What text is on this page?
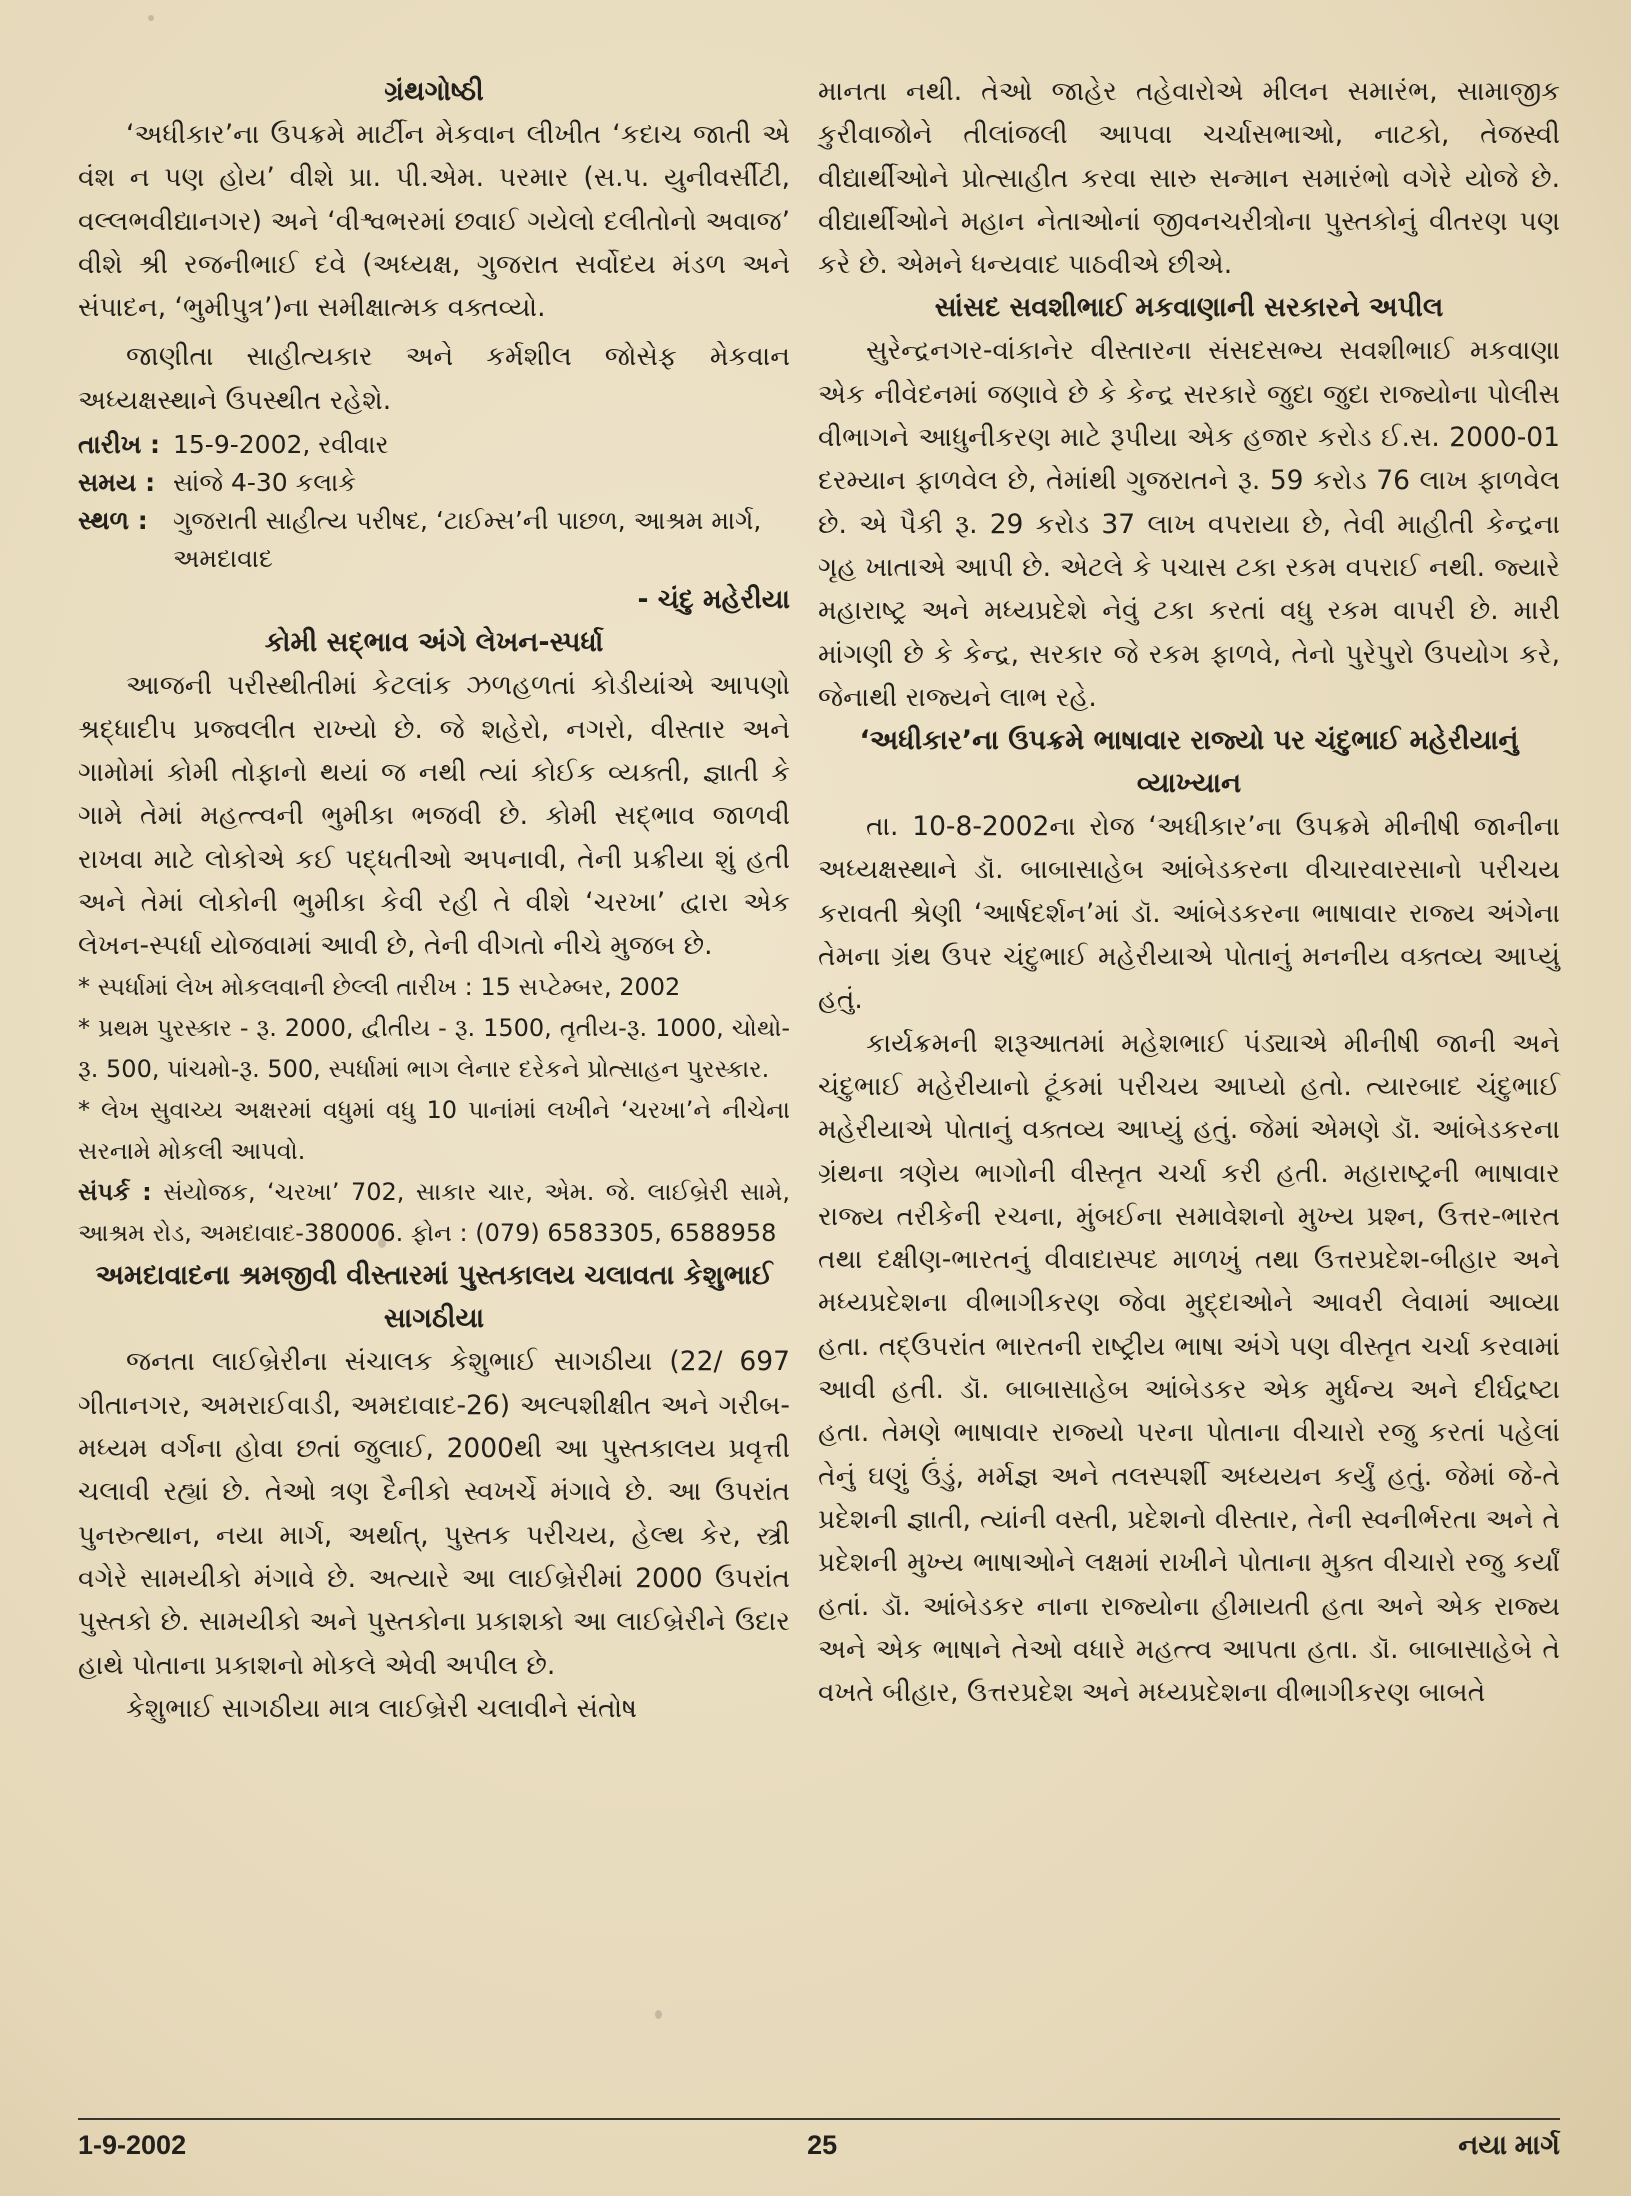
ગ્રંથગોષ્ઠી

‘અધીકાર’ના ઉપક્રમે માર્ટીન મેકવાન લીખીત ‘કદાચ જાતી એ વંશ ન પણ હોય’ વીશે પ્રા. પી.એમ. પરમાર (સ.પ. યુનીવર્સીટી, વલ્લભવીદ્યાનગર) અને ‘વીશ્વભરમાં છવાઈ ગયેલો દલીતોનો અવાજ’ વીશે શ્રી રજનીભાઈ દવે (અધ્યક્ષ, ગુજરાત સર્વોદય મંડળ અને સંપાદન, ‘ભુમીપુત્ર’)ના સમીક્ષાત્મક વક્તવ્યો.

જાણીતા સાહીત્યકાર અને કર્મશીલ જોસેફ મેકવાન અધ્યક્ષસ્થાને ઉપસ્થીત રહેશે.

તારીખ : 15-9-2002, રવીવાર
સમય : સાંજે 4-30 કલાકે
સ્થળ :	ગુજરાતી સાહીત્ય પરીષદ, ‘ટાઈમ્સ’ની પાછળ, આશ્રમ માર્ગ, અમદાવાદ

- ચંદુ મહેરીયા

કોમી સદ્‌ભાવ અંગે લેખન-સ્પર્ધા

આજની પરીસ્થીતીમાં કેટલાંક ઝળહળતાં કોડીયાંએ આપણો શ્રદ્ધાદીપ પ્રજ્વલીત રાખ્યો છે. જે શહેરો, નગરો, વીસ્તાર અને ગામોમાં કોમી તોફાનો થયાં જ નથી ત્યાં કોઈક વ્યક્તી, જ્ઞાતી કે ગામે તેમાં મહત્ત્વની ભુમીકા ભજવી છે. કોમી સદ્‌ભાવ જાળવી રાખવા માટે લોકોએ કઈ પદ્ધતીઓ અપનાવી, તેની પ્રક્રીયા શું હતી અને તેમાં લોકોની ભુમીકા કેવી રહી તે વીશે ‘ચરખા’ દ્વારા એક લેખન-સ્પર્ધા યોજવામાં આવી છે, તેની વીગતો નીચે મુજબ છે.

* સ્પર્ધામાં લેખ મોકલવાની છેલ્લી તારીખ : 15 સપ્ટેમ્બર, 2002

* પ્રથમ પુરસ્કાર - રૂ. 2000, દ્વીતીય - રૂ. 1500, તૃતીય-રૂ. 1000, ચોથો-રૂ. 500, પાંચમો-રૂ. 500, સ્પર્ધામાં ભાગ લેનાર દરેકને પ્રોત્સાહન પુરસ્કાર.

* લેખ સુવાચ્ય અક્ષરમાં વધુમાં વધુ 10 પાનાંમાં લખીને ‘ચરખા’ને નીચેના સરનામે મોકલી આપવો.

સંપર્ક : સંયોજક, ‘ચરખા’ 702, સાકાર ચાર, એમ. જે. લાઈબ્રેરી સામે, આશ્રમ રોડ, અમદાવાદ-380006. ફોન : (079) 6583305, 6588958

અમદાવાદના શ્રમજીવી વીસ્તારમાં પુસ્તકાલય ચલાવતા કેશુભાઈ સાગઠીયા

જનતા લાઈબ્રેરીના સંચાલક કેશુભાઈ સાગઠીયા (22/ 697 ગીતાનગર, અમરાઈવાડી, અમદાવાદ-26) અલ્પશીક્ષીત અને ગરીબ-મધ્યમ વર્ગના હોવા છતાં જુલાઈ, 2000થી આ પુસ્તકાલય પ્રવૃત્તી ચલાવી રહ્યાં છે. તેઓ ત્રણ દૈનીકો સ્વખર્ચે મંગાવે છે. આ ઉપરાંત પુનરુત્થાન, નયા માર્ગ, અર્થાત્, પુસ્તક પરીચય, હેલ્થ કેર, સ્ત્રી વગેરે સામયીકો મંગાવે છે. અત્યારે આ લાઈબ્રેરીમાં 2000 ઉપરાંત પુસ્તકો છે. સામયીકો અને પુસ્તકોના પ્રકાશકો આ લાઈબ્રેરીને ઉદાર હાથે પોતાના પ્રકાશનો મોકલે એવી અપીલ છે.

કેશુભાઈ સાગઠીયા માત્ર લાઈબ્રેરી ચલાવીને સંતોષ

માનતા નથી. તેઓ જાહેર તહેવારોએ મીલન સમારંભ, સામાજીક કુરીવાજોને તીલાંજલી આપવા ચર્ચાસભાઓ, નાટકો, તેજસ્વી વીદ્યાર્થીઓને પ્રોત્સાહીત કરવા સારુ સન્માન સમારંભો વગેરે યોજે છે. વીદ્યાર્થીઓને મહાન નેતાઓનાં જીવનચરીત્રોના પુસ્તકોનું વીતરણ પણ કરે છે. એમને ધન્યવાદ પાઠવીએ છીએ.

સાંસદ સવશીભાઈ મકવાણાની સરકારને અપીલ

સુરેન્દ્રનગર-વાંકાનેર વીસ્તારના સંસદસભ્ય સવશીભાઈ મકવાણા એક નીવેદનમાં જણાવે છે કે કેન્દ્ર સરકારે જુદા જુદા રાજ્યોના પોલીસ વીભાગને આધુનીકરણ માટે રૂપીયા એક હજાર કરોડ ઈ.સ. 2000-01 દરમ્યાન ફાળવેલ છે, તેમાંથી ગુજરાતને રૂ. 59 કરોડ 76 લાખ ફાળવેલ છે. એ પૈકી રૂ. 29 કરોડ 37 લાખ વપરાયા છે, તેવી માહીતી કેન્દ્રના ગૃહ ખાતાએ આપી છે. એટલે કે પચાસ ટકા રકમ વપરાઈ નથી. જ્યારે મહારાષ્ટ્ર અને મધ્યપ્રદેશે નેવું ટકા કરતાં વધુ રકમ વાપરી છે. મારી માંગણી છે કે કેન્દ્ર, સરકાર જે રકમ ફાળવે, તેનો પુરેપુરો ઉપયોગ કરે, જેનાથી રાજ્યને લાભ રહે.

‘અધીકાર’ના ઉપક્રમે ભાષાવાર રાજ્યો પર ચંદુભાઈ મહેરીયાનું વ્યાખ્યાન

તા. 10-8-2002ના રોજ ‘અધીકાર’ના ઉપક્રમે મીનીષી જાનીના અધ્યક્ષસ્થાને ડૉ. બાબાસાહેબ આંબેડકરના વીચારવારસાનો પરીચય કરાવતી શ્રેણી ‘આર્ષદર્શન’માં ડૉ. આંબેડકરના ભાષાવાર રાજ્ય અંગેના તેમના ગ્રંથ ઉપર ચંદુભાઈ મહેરીયાએ પોતાનું મનનીય વક્તવ્ય આપ્યું હતું.

કાર્યક્રમની શરૂઆતમાં મહેશભાઈ પંડ્યાએ મીનીષી જાની અને ચંદુભાઈ મહેરીયાનો ટૂંકમાં પરીચય આપ્યો હતો. ત્યારબાદ ચંદુભાઈ મહેરીયાએ પોતાનું વક્તવ્ય આપ્યું હતું. જેમાં એમણે ડૉ. આંબેડકરના ગ્રંથના ત્રણેય ભાગોની વીસ્તૃત ચર્ચા કરી હતી. મહારાષ્ટ્રની ભાષાવાર રાજ્ય તરીકેની રચના, મુંબઈના સમાવેશનો મુખ્ય પ્રશ્ન, ઉત્તર-ભારત તથા દક્ષીણ-ભારતનું વીવાદાસ્પદ માળખું તથા ઉત્તરપ્રદેશ-બીહાર અને મધ્યપ્રદેશના વીભાગીકરણ જેવા મુદ્દાઓને આવરી લેવામાં આવ્યા હતા. તદ્‌ઉપરાંત ભારતની રાષ્ટ્રીય ભાષા અંગે પણ વીસ્તૃત ચર્ચા કરવામાં આવી હતી. ડૉ. બાબાસાહેબ આંબેડકર એક મુર્ધન્ય અને દીર્ઘદ્રષ્ટા હતા. તેમણે ભાષાવાર રાજ્યો પરના પોતાના વીચારો રજુ કરતાં પહેલાં તેનું ઘણું ઉંડું, મર્મજ્ઞ અને તલસ્પર્શી અધ્યયન કર્યું હતું. જેમાં જે-તે પ્રદેશની જ્ઞાતી, ત્યાંની વસ્તી, પ્રદેશનો વીસ્તાર, તેની સ્વનીર્ભરતા અને તે પ્રદેશની મુખ્ય ભાષાઓને લક્ષમાં રાખીને પોતાના મુક્ત વીચારો રજુ કર્યાં હતાં. ડૉ. આંબેડકર નાના રાજ્યોના હીમાયતી હતા અને એક રાજ્ય અને એક ભાષાને તેઓ વધારે મહત્ત્વ આપતા હતા. ડૉ. બાબાસાહેબે તે વખતે બીહાર, ઉત્તરપ્રદેશ અને મધ્યપ્રદેશના વીભાગીકરણ બાબતે

1-9-2002	25	નયા માર્ગ
